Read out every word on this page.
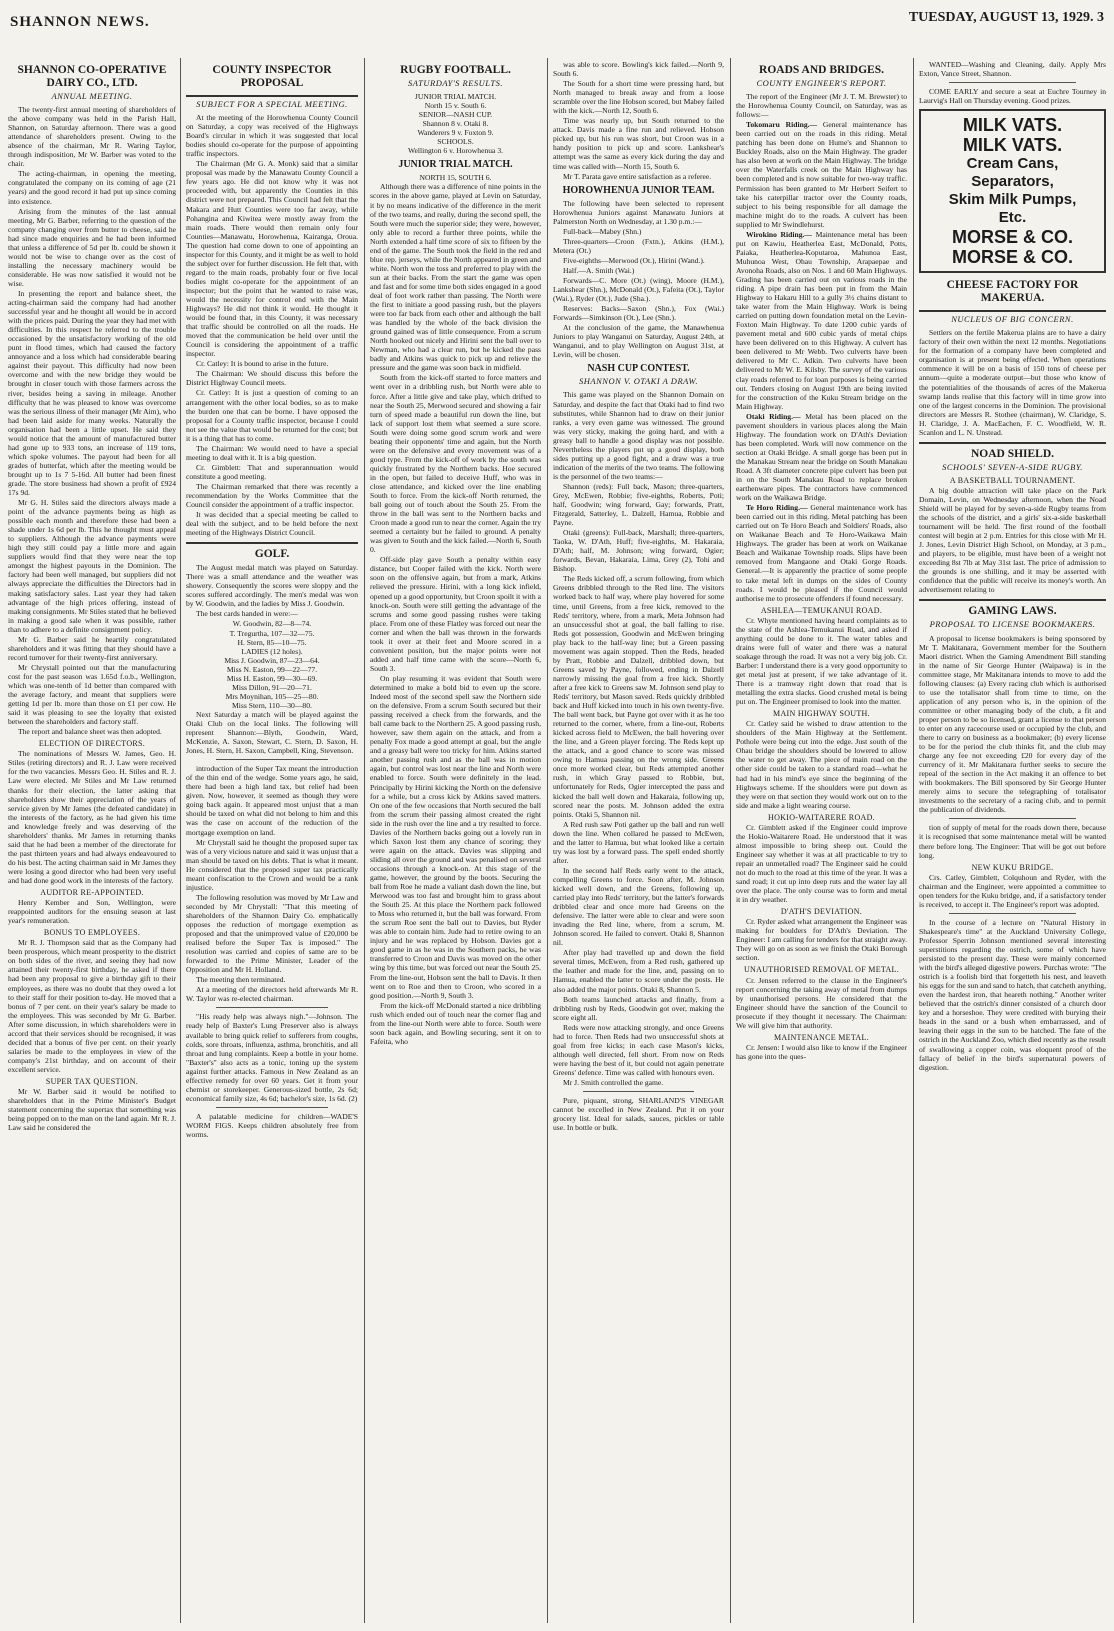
SHANNON NEWS.	TUESDAY, AUGUST 13, 1929. 3
SHANNON CO-OPERATIVE DAIRY CO., LTD.
ANNUAL MEETING.

The twenty-first annual meeting of shareholders of the above company was held in the Parish Hall, Shannon, on Saturday afternoon. There was a good attendance of shareholders present. Owing to the absence of the chairman, Mr R. Waring Taylor, through indisposition, Mr W. Barber was voted to the chair.

The acting-chairman, in opening the meeting, congratulated the company on its coming of age (21 years) and the good record it had put up since coming into existence.

Arising from the minutes of the last annual meeting, Mr G. Barber, referring to the question of the company changing over from butter to cheese, said he had since made enquiries and he had been informed that unless a difference of 5d per lb. could be shown it would not be wise to change over as the cost of installing the necessary machinery would be considerable. He was now satisfied it would not be wise.

In presenting the report and balance sheet, the acting-chairman said the company had had another successful year and he thought all would be in accord with the prices paid. During the year they had met with difficulties. In this respect he referred to the trouble occasioned by the unsatisfactory working of the old punt in flood times, which had caused the factory annoyance and a loss which had considerable bearing against their payout. This difficulty had now been overcome and with the new bridge they would be brought in closer touch with those farmers across the river, besides being a saving in mileage. Another difficulty that he was pleased to know was overcome was the serious illness of their manager (Mr Aim), who had been laid aside for many weeks. Naturally the organisation had been a little upset. He said they would notice that the amount of manufactured butter had gone up to 933 tons, an increase of 119 tons, which spoke volumes. The payout had been for all grades of butterfat, which after the meeting would be brought up to 1s 7 5-16d. All butter had been finest grade. The store business had shown a profit of £924 17s 9d.

Mr G. H. Stiles said the directors always made a point of the advance payments being as high as possible each month and therefore these had been a shade under 1s 6d per lb. This he thought must appeal to suppliers. Although the advance payments were high they still could pay a little more and again suppliers would find that they were near the top amongst the highest payouts in the Dominion. The factory had been well managed, but suppliers did not always appreciate the difficulties the Directors had in making satisfactory sales. Last year they had taken advantage of the high prices offering, instead of making consignments. Mr Stiles stated that he believed in making a good sale when it was possible, rather than to adhere to a definite consignment policy.

Mr G. Barber said he heartily congratulated shareholders and it was fitting that they should have a record turnover for their twenty-first anniversary.

Mr Chrystall pointed out that the manufacturing cost for the past season was 1.65d f.o.b., Wellington, which was one-tenth of 1d better than compared with the average factory, and meant that suppliers were getting 1d per lb. more than those on £1 per cow. He said it was pleasing to see the loyalty that existed between the shareholders and factory staff.

The report and balance sheet was then adopted.

ELECTION OF DIRECTORS.

The nominations of Messrs W. James, Geo. H. Stiles (retiring directors) and R. J. Law were received for the two vacancies. Messrs Geo. H. Stiles and R. J. Law were elected. Mr Stiles and Mr Law returned thanks for their election, the latter asking that shareholders show their appreciation of the years of service given by Mr James (the defeated candidate) in the interests of the factory, as he had given his time and knowledge freely and was deserving of the shareholders' thanks. Mr James in returning thanks said that he had been a member of the directorate for the past thirteen years and had always endeavoured to do his best. The acting chairman said in Mr James they were losing a good director who had been very useful and had done good work in the interests of the factory.

AUDITOR RE-APPOINTED.

Henry Kember and Son, Wellington, were reappointed auditors for the ensuing season at last year's remuneration.

BONUS TO EMPLOYEES.

Mr R. J. Thompson said that as the Company had been prosperous, which meant prosperity to the district on both sides of the river, and seeing they had now attained their twenty-first birthday, he asked if there had been any proposal to give a birthday gift to their employees, as there was no doubt that they owed a lot to their staff for their position to-day. He moved that a bonus of 7 per cent. on their year's salary be made to the employees. This was seconded by Mr G. Barber. After some discussion, in which shareholders were in accord that their services should be recognised, it was decided that a bonus of five per cent. on their yearly salaries be made to the employees in view of the company's 21st birthday, and on account of their excellent service.

SUPER TAX QUESTION.

Mr W. Barber said it would be notified to shareholders that in the Prime Minister's Budget statement concerning the supertax that something was being popped on to the man on the land again. Mr R. J. Law said he considered the

COUNTY INSPECTOR PROPOSAL
SUBJECT FOR A SPECIAL MEETING.

At the meeting of the Horowhenua County Council on Saturday, a copy was received of the Highways Board's circular in which it was suggested that local bodies should co-operate for the purpose of appointing traffic inspectors.

The Chairman (Mr G. A. Monk) said that a similar proposal was made by the Manawatu County Council a few years ago. He did not know why it was not proceeded with, but apparently the Counties in this district were not prepared. This Council had felt that the Makara and Hutt Counties were too far away, while Pohangina and Kiwitea were mostly away from the main roads. There would then remain only four Counties—Manawatu, Horowhenua, Kairanga, Oroua. The question had come down to one of appointing an inspector for this County, and it might be as well to hold the subject over for further discussion. He felt that, with regard to the main roads, probably four or five local bodies might co-operate for the appointment of an inspector; but the point that he wanted to raise was, would the necessity for control end with the Main Highways? He did not think it would. He thought it would be found that, in this County, it was necessary that traffic should be controlled on all the roads. He moved that the communication be held over until the Council is considering the appointment of a traffic inspector.

Cr. Catley: It is bound to arise in the future.

The Chairman: We should discuss this before the District Highway Council meets.

Cr. Catley: It is just a question of coming to an arrangement with the other local bodies, so as to make the burden one that can be borne. I have opposed the proposal for a County traffic inspector, because I could not see the value that would be returned for the cost; but it is a thing that has to come.

The Chairman: We would need to have a special meeting to deal with it. It is a big question.

Cr. Gimblett: That and superannuation would constitute a good meeting.

The Chairman remarked that there was recently a recommendation by the Works Committee that the Council consider the appointment of a traffic inspector.

It was decided that a special meeting be called to deal with the subject, and to be held before the next meeting of the Highways District Council.

GOLF.

The August medal match was played on Saturday. There was a small attendance and the weather was showery. Consequently the scores were sloppy and the scores suffered accordingly. The men's medal was won by W. Goodwin, and the ladies by Miss J. Goodwin.

The best cards handed in were:—

W. Goodwin, 82—8—74.
T. Tregurtha, 107—32—75.
H. Stern, 85—10—75.
LADIES (12 holes).
Miss J. Goodwin, 87—23—64.
Miss N. Easton, 99—22—77.
Miss H. Easton, 99—30—69.
Miss Dillon, 91—20—71.
Mrs Moynihan, 105—25—80.
Miss Stern, 110—30—80.

Next Saturday a match will be played against the Otaki Club on the local links. The following will represent Shannon:—Blyth, Goodwin, Ward, McKenzie, A. Saxon, Stewart, C. Stern, D. Saxon, H. Jones, H. Stern, H. Saxon, Campbell, King, Stevenson.

introduction of the Super Tax meant the introduction of the thin end of the wedge. Some years ago, he said, there had been a high land tax, but relief had been given. Now, however, it seemed as though they were going back again. It appeared most unjust that a man should be taxed on what did not belong to him and this was the case on account of the reduction of the mortgage exemption on land.

Mr Chrystall said he thought the proposed super tax was of a very vicious nature and said it was unjust that a man should be taxed on his debts. That is what it meant. He considered that the proposed super tax practically meant confiscation to the Crown and would be a rank injustice.

The following resolution was moved by Mr Law and seconded by Mr Chrystall: "That this meeting of shareholders of the Shannon Dairy Co. emphatically opposes the reduction of mortgage exemption as proposed and that the unimproved value of £20,000 be realised before the Super Tax is imposed." The resolution was carried and copies of same are to be forwarded to the Prime Minister, Leader of the Opposition and Mr H. Holland.

The meeting then terminated.

At a meeting of the directors held afterwards Mr R. W. Taylor was re-elected chairman.

"His ready help was always nigh."—Johnson. The ready help of Baxter's Lung Preserver also is always available to bring quick relief to sufferers from coughs, colds, sore throats, influenza, asthma, bronchitis, and all throat and lung complaints. Keep a bottle in your home. "Baxter's" also acts as a tonic, toning up the system against further attacks. Famous in New Zealand as an effective remedy for over 60 years. Get it from your chemist or storekeeper. Generous-sized bottle, 2s 6d; economical family size, 4s 6d; bachelor's size, 1s 6d. (2)

A palatable medicine for children—WADE'S WORM FIGS. Keeps children absolutely free from worms.

RUGBY FOOTBALL.
SATURDAY'S RESULTS.
JUNIOR TRIAL MATCH.
North 15 v. South 6.
SENIOR—NASH CUP.
Shannon 8 v. Otaki 8.
Wanderers 9 v. Foxton 9.
SCHOOLS.
Wellington 6 v. Horowhenua 3.
JUNIOR TRIAL MATCH.
NORTH 15, SOUTH 6.

Although there was a difference of nine points in the scores in the above game, played at Levin on Saturday, it by no means indicative of the difference in the merit of the two teams, and really, during the second spell, the South were much the superior side; they were, however, only able to record a further three points, while the North extended a half time score of six to fifteen by the end of the game. The South took the field in the red and blue rep. jerseys, while the North appeared in green and white. North won the toss and preferred to play with the sun at their backs. From the start the game was open and fast and for some time both sides engaged in a good deal of foot work rather than passing. The North were the first to initiate a good passing rush, but the players were too far back from each other and although the ball was handled by the whole of the back division the ground gained was of little consequence. From a scrum North hooked out nicely and Hirini sent the ball over to Newman, who had a clear run, but he kicked the pass badly and Atkins was quick to pick up and relieve the pressure and the game was soon back in midfield.

South from the kick-off started to force matters and went over in a dribbling rush, but North were able to force. After a little give and take play, which drifted to near the South 25, Merwood secured and showing a fair turn of speed made a beautiful run down the line, but lack of support lost them what seemed a sure score. South were doing some good scrum work and were beating their opponents' time and again, but the North were on the defensive and every movement was of a good type. From the kick-off of work by the south was quickly frustrated by the Northern backs. Hoe secured in the open, but failed to deceive Huff, who was in close attendance, and kicked over the line enabling South to force. From the kick-off North returned, the ball going out of touch about the South 25. From the throw in the ball was sent to the Northern backs and Croon made a good run to near the corner. Again the try seemed a certainty but he failed to ground. A penalty was given to South and the kick failed.—North 6, South 0.

Off-side play gave South a penalty within easy distance, but Cooper failed with the kick. North were soon on the offensive again, but from a mark, Atkins relieved the pressure. Hirini, with a long kick infield, opened up a good opportunity, but Croon spoilt it with a knock-on. South were still getting the advantage of the scrums and some good passing rushes were taking place. From one of these Flatley was forced out near the corner and when the ball was thrown in the forwards took it over at their feet and Moore scored in a convenient position, but the major points were not added and half time came with the score—North 6, South 3.

On play resuming it was evident that South were determined to make a bold bid to even up the score. Indeed most of the second spell saw the Northern side on the defensive. From a scrum South secured but their passing received a check from the forwards, and the ball came back to the Northern 25. A good passing rush, however, saw them again on the attack, and from a penalty Fox made a good attempt at goal, but the angle and a greasy ball were too tricky for him. Atkins started another passing rush and as the ball was in motion again, but control was lost near the line and North were enabled to force. South were definitely in the lead. Principally by Hirini kicking the North on the defensive for a while, but a cross kick by Atkins saved matters. On one of the few occasions that North secured the ball from the scrum their passing almost created the right side in the rush over the line and a try resulted to force. Davies of the Northern backs going out a lovely run in which Saxon lost them any chance of scoring; they were again on the attack. Davies was slipping and sliding all over the ground and was penalised on several occasions through a knock-on. At this stage of the game, however, the ground by the boots. Securing the ball from Roe he made a valiant dash down the line, but Merwood was too fast and brought him to grass about the South 25. At this place the Northern pack followed to Moss who returned it, but the ball was forward. From the scrum Roe sent the ball out to Davies, but Ryder was able to contain him. Jude had to retire owing to an injury and he was replaced by Hobson. Davies got a good game in as he was in the Southern packs, he was transferred to Croon and Davis was moved on the other wing by this time, but was forced out near the South 25. From the line-out, Hobson sent the ball to Davis. It then went on to Roe and then to Croon, who scored in a good position.—North 9, South 3.

From the kick-off McDonald started a nice dribbling rush which ended out of touch near the corner flag and from the line-out North were able to force. South were soon back again, and Bowling securing, sent it on to Fafeita, who

was able to score. Bowling's kick failed.—North 9, South 6.

The South for a short time were pressing hard, but North managed to break away and from a loose scramble over the line Hobson scored, but Mabey failed with the kick.—North 12, South 6.

Time was nearly up, but South returned to the attack. Davis made a fine run and relieved. Hobson picked up, but his run was short, but Croon was in a handy position to pick up and score. Lankshear's attempt was the same as every kick during the day and time was called with—North 15, South 6.

Mr T. Parata gave entire satisfaction as a referee.

HOROWHENUA JUNIOR TEAM.

The following have been selected to represent Horowhenua Juniors against Manawatu Juniors at Palmerston North on Wednesday, at 1.30 p.m.:—

Full-back—Mabey (Shn.)

Three-quarters—Croon (Fxtn.), Atkins (H.M.), Metera (Ot.)

Five-eighths—Merwood (Ot.), Hirini (Wand.).

Half.—A. Smith (Wai.)

Forwards—C. More (Ot.) (wing), Moore (H.M.), Lankshear (Shn.), McDonald (Ot.), Fafeita (Ot.), Taylor (Wai.), Ryder (Ot.), Jude (Sha.).

Reserves: Backs—Saxon (Shn.), Fox (Wai.) Forwards—Simkinson (Ot.), Lee (Shn.).

At the conclusion of the game, the Manawhenua Juniors to play Wanganui on Saturday, August 24th, at Wanganui, and to play Wellington on August 31st, at Levin, will be chosen.

NASH CUP CONTEST.
SHANNON V. OTAKI A DRAW.

This game was played on the Shannon Domain on Saturday, and despite the fact that Otaki had to find two substitutes, while Shannon had to draw on their junior ranks, a very even game was witnessed. The ground was very sticky, making the going hard, and with a greasy ball to handle a good display was not possible. Nevertheless the players put up a good display, both sides putting up a good fight, and a draw was a true indication of the merits of the two teams. The following is the personnel of the two teams:—

Shannon (reds): Full back, Mason; three-quarters, Grey, McEwen, Robbie; five-eighths, Roberts, Poti; half, Goodwin; wing forward, Gay; forwards, Pratt, Fitzgerald, Satterley, L. Dalzell, Hamua, Robbie and Payne.

Otaki (greens): Full-back, Marshall; three-quarters, Taoka, W. D'Ath, Huff; five-eighths, M. Hakaraia, D'Ath; half, M. Johnson; wing forward, Ogier; forwards, Bevan, Hakaraia, Lima, Grey (2), Tohi and Bishop.

The Reds kicked off, a scrum following, from which Greens dribbled through to the Red line. The visitors worked back to half way, where play hovered for some time, until Greens, from a free kick, removed to the Reds' territory, where, from a mark, Meta Johnson had an unsuccessful shot at goal, the ball falling to rise. Reds got possession, Goodwin and McEwen bringing play back to the half-way line; but a Green passing movement was again stopped. Then the Reds, headed by Pratt, Robbie and Dalzell, dribbled down, but Greens saved by Payne, followed, ending in Dalzell narrowly missing the goal from a free kick. Shortly after a free kick to Greens saw M. Johnson send play to Reds' territory, but Mason saved. Reds quickly dribbled back and Huff kicked into touch in his own twenty-five. The ball went back, but Payne got over with it as he too returned to the corner, where, from a line-out, Roberts kicked across field to McEwen, the ball hovering over the line, and a Green player forcing. The Reds kept up the attack, and a good chance to score was missed owing to Hamua passing on the wrong side. Greens once more worked clear, but Reds attempted another rush, in which Gray passed to Robbie, but, unfortunately for Reds, Ogier intercepted the pass and kicked the ball well down and Hakaraia, following up, scored near the posts. M. Johnson added the extra points. Otaki 5, Shannon nil.

A Red rush saw Poti gather up the ball and run well down the line. When collared he passed to McEwen, and the latter to Hamua, but what looked like a certain try was lost by a forward pass. The spell ended shortly after.

In the second half Reds early went to the attack, compelling Greens to force. Soon after, M. Johnson kicked well down, and the Greens, following up, carried play into Reds' territory, but the latter's forwards dribbled clear and once more had Greens on the defensive. The latter were able to clear and were soon invading the Red line, where, from a scrum, M. Johnson scored. He failed to convert. Otaki 8, Shannon nil.

After play had travelled up and down the field several times, McEwen, from a Red rush, gathered up the leather and made for the line, and, passing on to Hamua, enabled the latter to score under the posts. He also added the major points. Otaki 8, Shannon 5.

Both teams launched attacks and finally, from a dribbling rush by Reds, Goodwin got over, making the score eight all.

Reds were now attacking strongly, and once Greens had to force. Then Reds had two unsuccessful shots at goal from free kicks; in each case Mason's kicks, although well directed, fell short. From now on Reds were having the best of it, but could not again penetrate Greens' defence. Time was called with honours even.

Mr J. Smith controlled the game.

Pure, piquant, strong, SHARLAND'S VINEGAR cannot be excelled in New Zealand. Put it on your grocery list. Ideal for salads, sauces, pickles or table use. In bottle or bulk.

ROADS AND BRIDGES.
COUNTY ENGINEER'S REPORT.

The report of the Engineer (Mr J. T. M. Brewster) to the Horowhenua County Council, on Saturday, was as follows:—

Tokomaru Riding.— General maintenance has been carried out on the roads in this riding. Metal patching has been done on Hume's and Shannon to Buckley Roads, also on the Main Highway. The grader has also been at work on the Main Highway. The bridge over the Waterfalls creek on the Main Highway has been completed and is now suitable for two-way traffic. Permission has been granted to Mr Herbert Seifert to take his caterpillar tractor over the County roads, subject to his being responsible for all damage the machine might do to the roads. A culvert has been supplied to Mr Swindlehurst.

Wirokino Riding.— Maintenance metal has been put on Kawiu, Heatherlea East, McDonald, Potts, Paiaka, Heatherlea-Koputaroa, Mahunoa East, Muhunoa West, Ohau Township, Arapaepae and Avonoha Roads, also on Nos. 1 and 60 Main Highways. Grading has been carried out on various roads in the riding. A pipe drain has been put in from the Main Highway to Hakaru Hill to a gully 3½ chains distant to take water from the Main Highway. Work is being carried on putting down foundation metal on the Levin-Foxton Main Highway. To date 1200 cubic yards of pavement metal and 600 cubic yards of metal chips have been delivered on to this Highway. A culvert has been delivered to Mr Webb. Two culverts have been delivered to Mr C. Adkin. Two culverts have been delivered to Mr W. E. Kilsby. The survey of the various clay roads referred to for loan purposes is being carried out. Tenders closing on August 19th are being invited for the construction of the Kuku Stream bridge on the Main Highway.

Otaki Riding.— Metal has been placed on the pavement shoulders in various places along the Main Highway. The foundation work on D'Ath's Deviation has been completed. Work will now commence on the section at Otaki Bridge. A small gorge has been put in the Manakau Stream near the bridge on South Manakau Road. A 3ft diameter concrete pipe culvert has been put in on the South Manakau Road to replace broken earthenware pipes. The contractors have commenced work on the Waikawa Bridge.

Te Horo Riding.— General maintenance work has been carried out in this riding. Metal patching has been carried out on Te Horo Beach and Soldiers' Roads, also on Waikanae Beach and Te Horo-Waikawa Main Highways. The grader has been at work on Waikanae Beach and Waikanae Township roads. Slips have been removed from Mangaone and Otaki Gorge Roads. General.—It is apparently the practice of some people to take metal left in dumps on the sides of County roads. I would be pleased if the Council would authorise me to prosecute offenders if found necessary.

ASHLEA—TEMUKANUI ROAD.

Cr. Whyte mentioned having heard complaints as to the state of the Ashlea-Temukanui Road, and asked if anything could be done to it. The water tables and drains were full of water and there was a natural soakage through the road. It was not a very big job. Cr. Barber: I understand there is a very good opportunity to get metal just at present, if we take advantage of it. There is a tramway right down that road that is metalling the extra slacks. Good crushed metal is being put on. The Engineer promised to look into the matter.

MAIN HIGHWAY SOUTH.

Cr. Catley said he wished to draw attention to the shoulders of the Main Highway at the Settlement. Pothole were being cut into the edge. Just south of the Ohau bridge the shoulders should be lowered to allow the water to get away. The piece of main road on the other side could be taken to a standard road—what he had had in his mind's eye since the beginning of the Highways scheme. If the shoulders were put down as they were on that section they would work out on to the side and make a light wearing course.

HOKIO-WAITARERE ROAD.

Cr. Gimblett asked if the Engineer could improve the Hokio-Waitarere Road. He understood that it was almost impossible to bring sheep out. Could the Engineer say whether it was at all practicable to try to repair an unmetalled road? The Engineer said he could not do much to the road at this time of the year. It was a sand road; it cut up into deep ruts and the water lay all over the place. The only course was to form and metal it in dry weather.

D'ATH'S DEVIATION.

Cr. Ryder asked what arrangement the Engineer was making for boulders for D'Ath's Deviation. The Engineer: I am calling for tenders for that straight away. They will go on as soon as we finish the Otaki Borough section.

UNAUTHORISED REMOVAL OF METAL.

Cr. Jensen referred to the clause in the Engineer's report concerning the taking away of metal from dumps by unauthorised persons. He considered that the Engineer should have the sanction of the Council to prosecute if they thought it necessary. The Chairman: We will give him that authority.

MAINTENANCE METAL.

Cr. Jensen: I would also like to know if the Engineer has gone into the ques-

WANTED—Washing and Cleaning, daily. Apply Mrs Exton, Vance Street, Shannon.

COME EARLY and secure a seat at Euchre Tourney in Laurvig's Hall on Thursday evening. Good prizes.

MILK VATS.
MILK VATS.
Cream Cans,
Separators,
Skim Milk Pumps,
Etc.
MORSE & CO.
MORSE & CO.
CHEESE FACTORY FOR MAKERUA.
NUCLEUS OF BIG CONCERN.

Settlers on the fertile Makerua plains are to have a dairy factory of their own within the next 12 months. Negotiations for the formation of a company have been completed and organisation is at present being effected. When operations commence it will be on a basis of 150 tons of cheese per annum—quite a moderate output—but those who know of the potentialities of the thousands of acres of the Makerua swamp lands realise that this factory will in time grow into one of the largest concerns in the Dominion. The provisional directors are Messrs R. Stothee (chairman), W. Claridge, S. H. Claridge, J. A. MacEachen, F. C. Woodfield, W. R. Scanlon and L. N. Unstead.

NOAD SHIELD.
SCHOOLS' SEVEN-A-SIDE RUGBY.
A BASKETBALL TOURNAMENT.

A big double attraction will take place on the Park Domain, Levin, on Wednesday afternoon, when the Noad Shield will be played for by seven-a-side Rugby teams from the schools of the district, and a girls' six-a-side basketball tournament will be held. The first round of the football contest will begin at 2 p.m. Entries for this close with Mr H. J. Jones, Levin District High School, on Monday, at 3 p.m., and players, to be eligible, must have been of a weight not exceeding 8st 7lb at May 31st last. The price of admission to the grounds is one shilling, and it may be asserted with confidence that the public will receive its money's worth. An advertisement relating to

GAMING LAWS.
PROPOSAL TO LICENSE BOOKMAKERS.

A proposal to license bookmakers is being sponsored by Mr T. Makitanara, Government member for the Southern Maori district. When the Gaming Amendment Bill standing in the name of Sir George Hunter (Waipawa) is in the committee stage, Mr Makitanara intends to move to add the following clauses: (a) Every racing club which is authorised to use the totalisator shall from time to time, on the application of any person who is, in the opinion of the committee or other managing body of the club, a fit and proper person to be so licensed, grant a license to that person to enter on any racecourse used or occupied by the club, and there to carry on business as a bookmaker; (b) every license to be for the period the club thinks fit, and the club may charge any fee not exceeding £20 for every day of the currency of it. Mr Makitanara further seeks to secure the repeal of the section in the Act making it an offence to bet with bookmakers. The Bill sponsored by Sir George Hunter merely aims to secure the telegraphing of totalisator investments to the secretary of a racing club, and to permit the publication of dividends.

tion of supply of metal for the roads down there, because it is recognised that some maintenance metal will be wanted there before long. The Engineer: That will be got out before long.

NEW KUKU BRIDGE.

Crs. Catley, Gimblett, Colquhoun and Ryder, with the chairman and the Engineer, were appointed a committee to open tenders for the Kuku bridge, and, if a satisfactory tender is received, to accept it. The Engineer's report was adopted.

In the course of a lecture on "Natural History in Shakespeare's time" at the Auckland University College, Professor Sperrin Johnson mentioned several interesting superstitions regarding the ostrich, some of which have persisted to the present day. These were mainly concerned with the bird's alleged digestive powers. Purchas wrote: "The ostrich is a foolish bird that forgetteth his nest, and leaveth his eggs for the sun and sand to hatch, that catcheth anything, even the hardest iron, that heareth nothing." Another writer believed that the ostrich's dinner consisted of a church door key and a horseshoe. They were credited with burying their heads in the sand or a bush when embarrassed, and of leaving their eggs in the sun to be hatched. The fate of the ostrich in the Auckland Zoo, which died recently as the result of swallowing a copper coin, was eloquent proof of the fallacy of belief in the bird's supernatural powers of digestion.
